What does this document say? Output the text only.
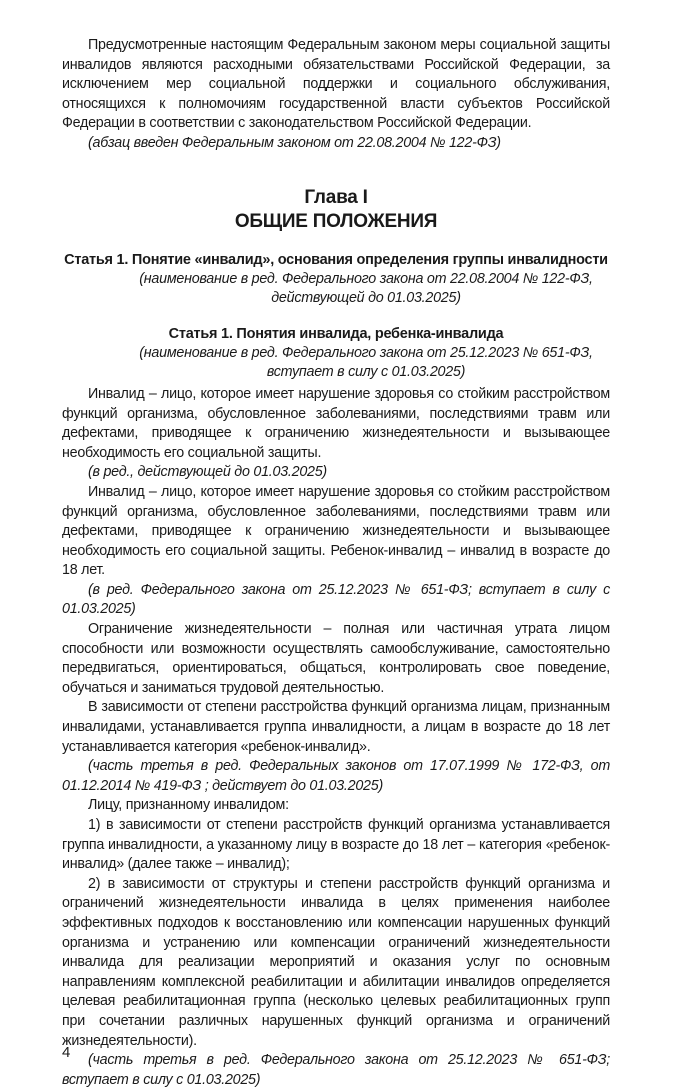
Предусмотренные настоящим Федеральным законом меры социальной защиты инвалидов являются расходными обязательствами Российской Федерации, за исключением мер социальной поддержки и социального обслуживания, относящихся к полномочиям государственной власти субъектов Российской Федерации в соответствии с законодательством Российской Федерации.

(абзац введен Федеральным законом от 22.08.2004 № 122-ФЗ)

Глава I
ОБЩИЕ ПОЛОЖЕНИЯ
Статья 1. Понятие «инвалид», основания определения группы инвалидности
(наименование в ред. Федерального закона от 22.08.2004 № 122-ФЗ,
действующей до 01.03.2025)
Статья 1. Понятия инвалида, ребенка-инвалида
(наименование в ред. Федерального закона от 25.12.2023 № 651-ФЗ,
вступает в силу с 01.03.2025)

Инвалид – лицо, которое имеет нарушение здоровья со стойким расстройством функций организма, обусловленное заболеваниями, последствиями травм или дефектами, приводящее к ограничению жизнедеятельности и вызывающее необходимость его социальной защиты.

(в ред., действующей до 01.03.2025)

Инвалид – лицо, которое имеет нарушение здоровья со стойким расстройством функций организма, обусловленное заболеваниями, последствиями травм или дефектами, приводящее к ограничению жизнедеятельности и вызывающее необходимость его социальной защиты. Ребенок-инвалид – инвалид в возрасте до 18 лет.

(в ред. Федерального закона от 25.12.2023 № 651-ФЗ; вступает в силу с 01.03.2025)

Ограничение жизнедеятельности – полная или частичная утрата лицом способности или возможности осуществлять самообслуживание, самостоятельно передвигаться, ориентироваться, общаться, контролировать свое поведение, обучаться и заниматься трудовой деятельностью.

В зависимости от степени расстройства функций организма лицам, признанным инвалидами, устанавливается группа инвалидности, а лицам в возрасте до 18 лет устанавливается категория «ребенок-инвалид».

(часть третья в ред. Федеральных законов от 17.07.1999 № 172-ФЗ, от 01.12.2014 № 419-ФЗ ; действует до 01.03.2025)

Лицу, признанному инвалидом:

1) в зависимости от степени расстройств функций организма устанавливается группа инвалидности, а указанному лицу в возрасте до 18 лет – категория «ребенок-инвалид» (далее также – инвалид);

2) в зависимости от структуры и степени расстройств функций организма и ограничений жизнедеятельности инвалида в целях применения наиболее эффективных подходов к восстановлению или компенсации нарушенных функций организма и устранению или компенсации ограничений жизнедеятельности инвалида для реализации мероприятий и оказания услуг по основным направлениям комплексной реабилитации и абилитации инвалидов определяется целевая реабилитационная группа (несколько целевых реабилитационных групп при сочетании различных нарушенных функций организма и ограничений жизнедеятельности).

(часть третья в ред. Федерального закона от 25.12.2023 № 651-ФЗ; вступает в силу с 01.03.2025)

4
